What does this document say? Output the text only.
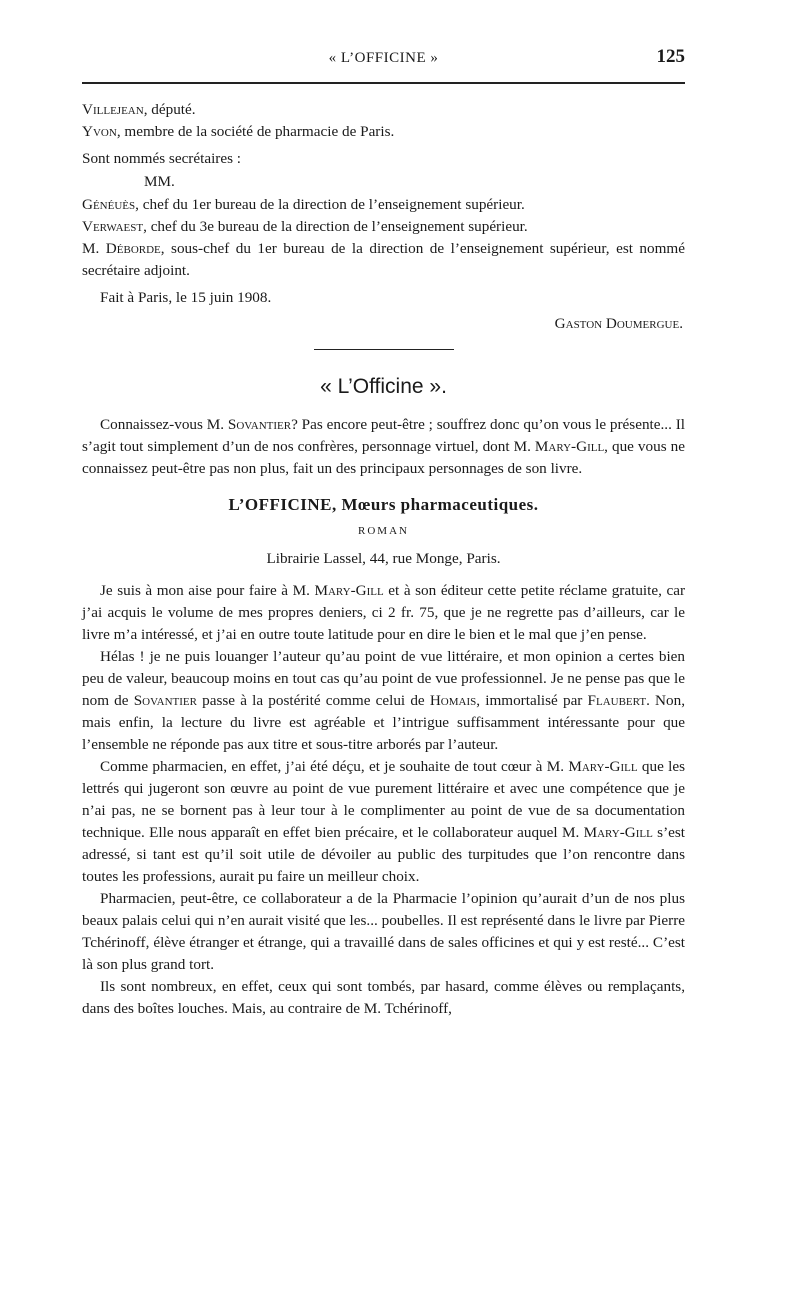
« L’OFFICINE »	125

Villejean, député.

Yvon, membre de la société de pharmacie de Paris.

Sont nommés secrétaires :

MM.

Généuès, chef du 1er bureau de la direction de l’enseignement supérieur.

Verwaest, chef du 3e bureau de la direction de l’enseignement supérieur.

M. Déborde, sous-chef du 1er bureau de la direction de l’enseignement supérieur, est nommé secrétaire adjoint.

Fait à Paris, le 15 juin 1908.

Gaston Doumergue.

« L’Officine ».

Connaissez-vous M. Sovantier? Pas encore peut-être ; souffrez donc qu’on vous le présente... Il s’agit tout simplement d’un de nos confrères, personnage virtuel, dont M. Mary-Gill, que vous ne connaissez peut-être pas non plus, fait un des principaux personnages de son livre.

L’OFFICINE, Mœurs pharmaceutiques.

ROMAN

Librairie Lassel, 44, rue Monge, Paris.

Je suis à mon aise pour faire à M. Mary-Gill et à son éditeur cette petite réclame gratuite, car j’ai acquis le volume de mes propres deniers, ci 2 fr. 75, que je ne regrette pas d’ailleurs, car le livre m’a intéressé, et j’ai en outre toute latitude pour en dire le bien et le mal que j’en pense.

Hélas ! je ne puis louanger l’auteur qu’au point de vue littéraire, et mon opinion a certes bien peu de valeur, beaucoup moins en tout cas qu’au point de vue professionnel. Je ne pense pas que le nom de Sovantier passe à la postérité comme celui de Homais, immortalisé par Flaubert. Non, mais enfin, la lecture du livre est agréable et l’intrigue suffisamment intéressante pour que l’ensemble ne réponde pas aux titre et sous-titre arborés par l’auteur.

Comme pharmacien, en effet, j’ai été déçu, et je souhaite de tout cœur à M. Mary-Gill que les lettrés qui jugeront son œuvre au point de vue purement littéraire et avec une compétence que je n’ai pas, ne se bornent pas à leur tour à le complimenter au point de vue de sa documentation technique. Elle nous apparaît en effet bien précaire, et le collaborateur auquel M. Mary-Gill s’est adressé, si tant est qu’il soit utile de dévoiler au public des turpitudes que l’on rencontre dans toutes les professions, aurait pu faire un meilleur choix.

Pharmacien, peut-être, ce collaborateur a de la Pharmacie l’opinion qu’aurait d’un de nos plus beaux palais celui qui n’en aurait visité que les... poubelles. Il est représenté dans le livre par Pierre Tchérinoff, élève étranger et étrange, qui a travaillé dans de sales officines et qui y est resté... C’est là son plus grand tort.

Ils sont nombreux, en effet, ceux qui sont tombés, par hasard, comme élèves ou remplaçants, dans des boîtes louches. Mais, au contraire de M. Tchérinoff,
